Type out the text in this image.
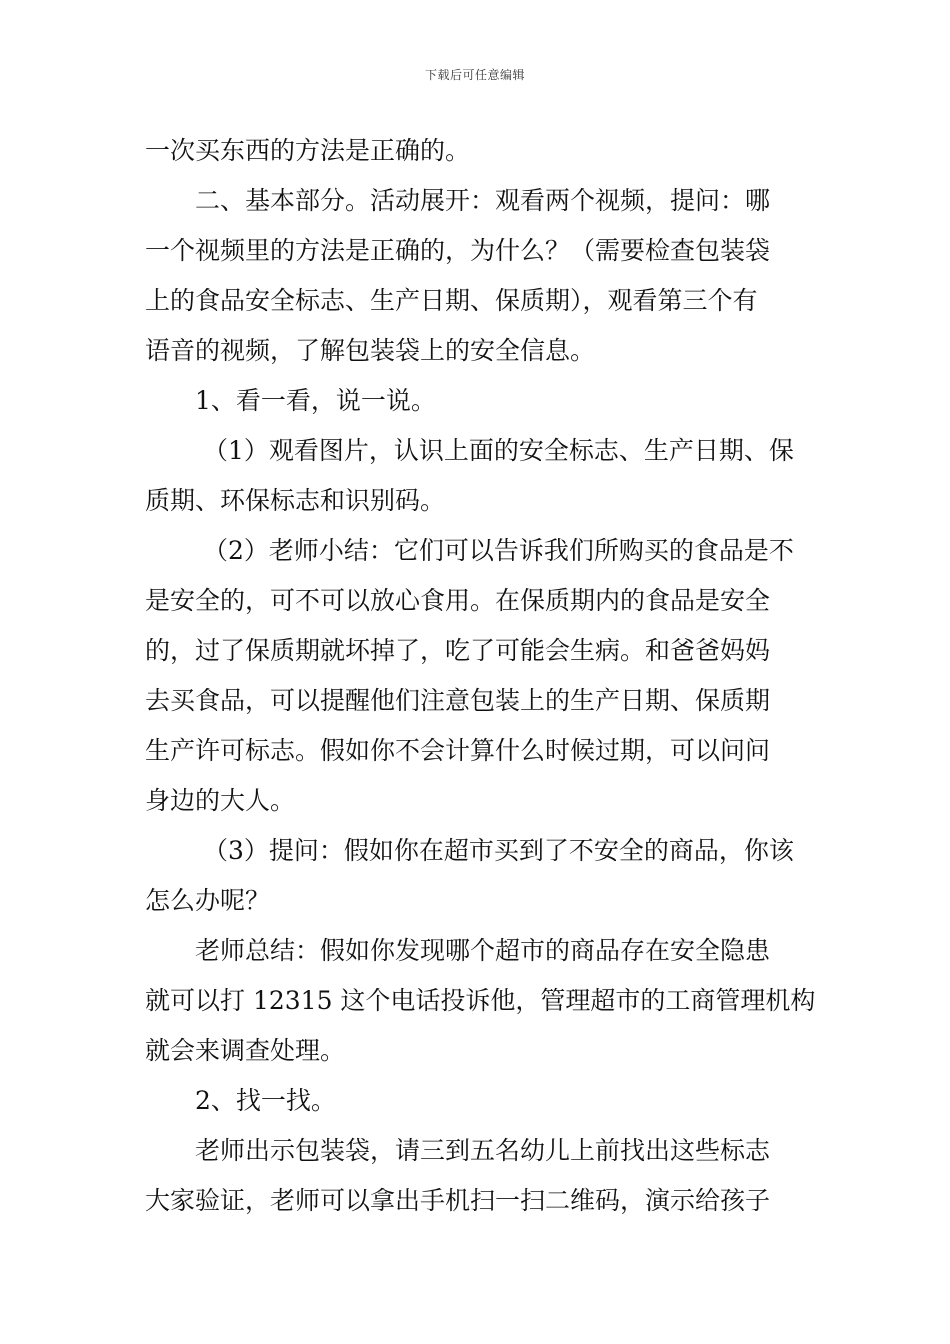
下载后可任意编辑
一次买东西的方法是正确的。
二、基本部分。活动展开：观看两个视频，提问：哪
一个视频里的方法是正确的，为什么？（需要检查包装袋
上的食品安全标志、生产日期、保质期），观看第三个有
语音的视频，了解包装袋上的安全信息。
1、看一看，说一说。
（1）观看图片，认识上面的安全标志、生产日期、保
质期、环保标志和识别码。
（2）老师小结：它们可以告诉我们所购买的食品是不
是安全的，可不可以放心食用。在保质期内的食品是安全
的，过了保质期就坏掉了，吃了可能会生病。和爸爸妈妈
去买食品，可以提醒他们注意包装上的生产日期、保质期
生产许可标志。假如你不会计算什么时候过期，可以问问
身边的大人。
（3）提问：假如你在超市买到了不安全的商品，你该
怎么办呢？
老师总结：假如你发现哪个超市的商品存在安全隐患
就可以打 12315 这个电话投诉他，管理超市的工商管理机构
就会来调查处理。
2、找一找。
老师出示包装袋，请三到五名幼儿上前找出这些标志
大家验证，老师可以拿出手机扫一扫二维码，演示给孩子
